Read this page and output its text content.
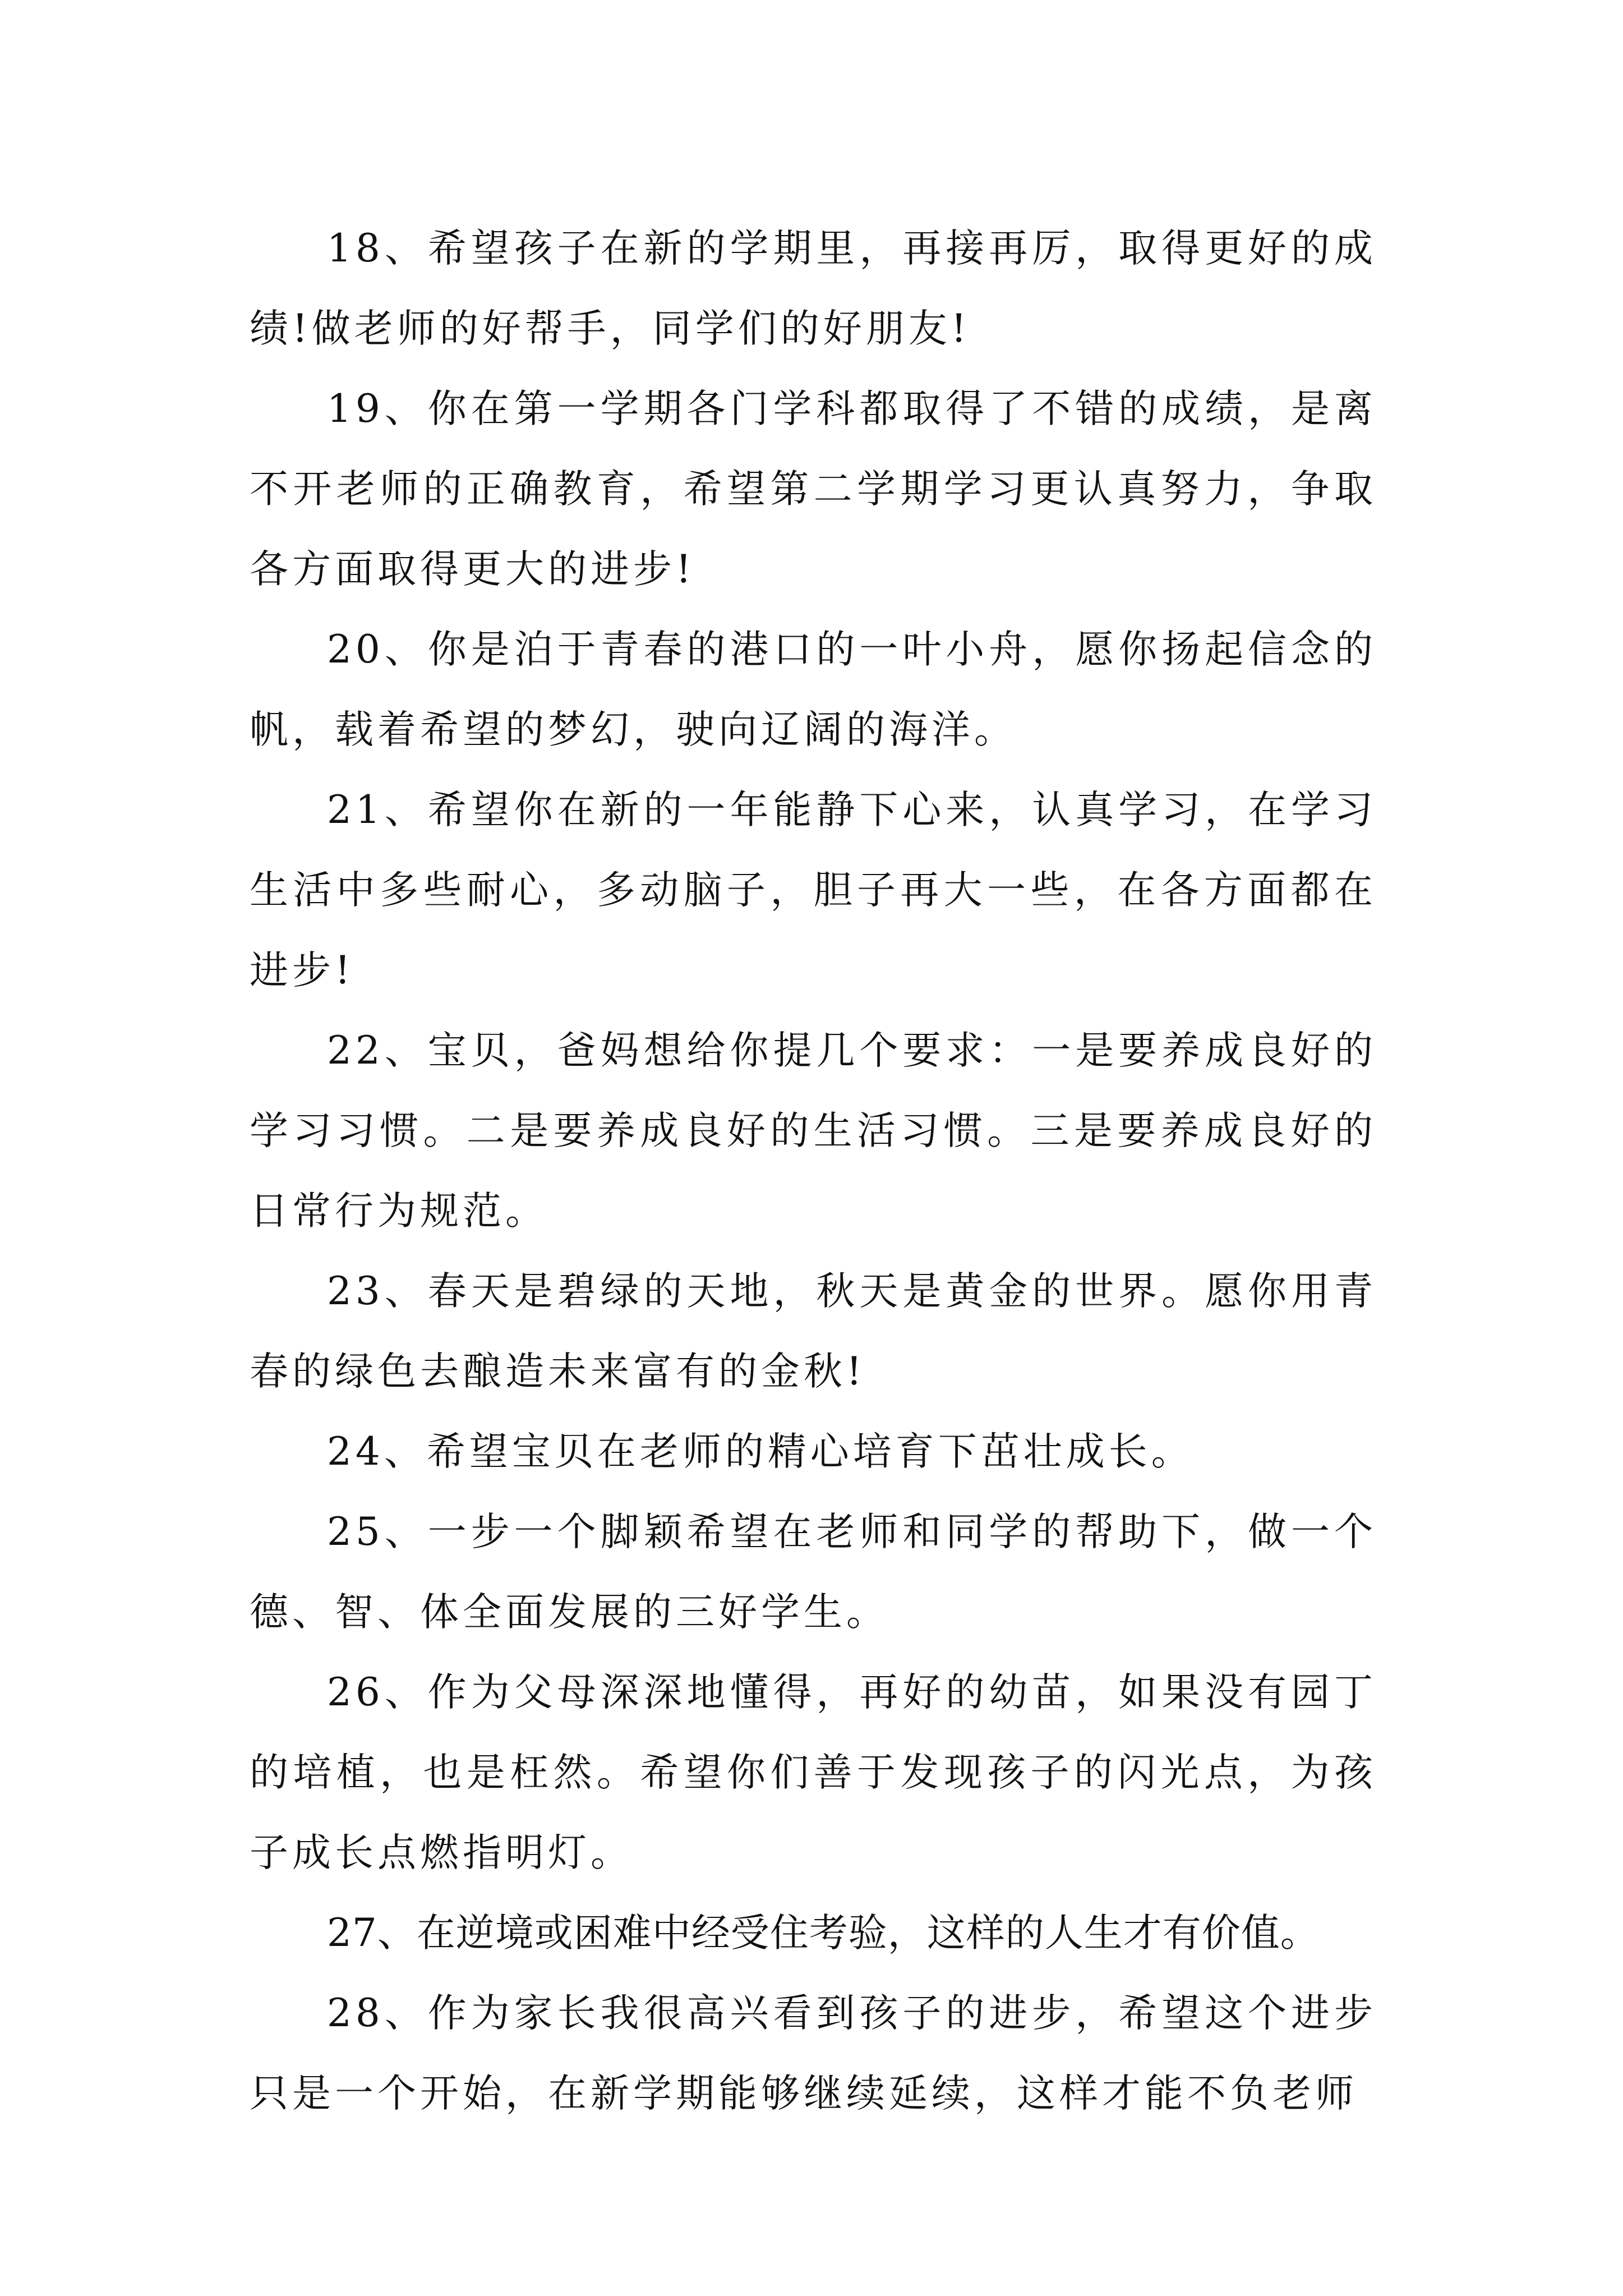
18、希望孩子在新的学期里，再接再厉，取得更好的成绩!做老师的好帮手，同学们的好朋友!

19、你在第一学期各门学科都取得了不错的成绩，是离不开老师的正确教育，希望第二学期学习更认真努力，争取各方面取得更大的进步!

20、你是泊于青春的港口的一叶小舟，愿你扬起信念的帆，载着希望的梦幻，驶向辽阔的海洋。

21、希望你在新的一年能静下心来，认真学习，在学习生活中多些耐心，多动脑子，胆子再大一些，在各方面都在进步!

22、宝贝，爸妈想给你提几个要求：一是要养成良好的学习习惯。二是要养成良好的生活习惯。三是要养成良好的日常行为规范。

23、春天是碧绿的天地，秋天是黄金的世界。愿你用青春的绿色去酿造未来富有的金秋!

24、希望宝贝在老师的精心培育下茁壮成长。

25、一步一个脚颖希望在老师和同学的帮助下，做一个德、智、体全面发展的三好学生。

26、作为父母深深地懂得，再好的幼苗，如果没有园丁的培植，也是枉然。希望你们善于发现孩子的闪光点，为孩子成长点燃指明灯。

27、在逆境或困难中经受住考验，这样的人生才有价值。

28、作为家长我很高兴看到孩子的进步，希望这个进步只是一个开始，在新学期能够继续延续，这样才能不负老师
